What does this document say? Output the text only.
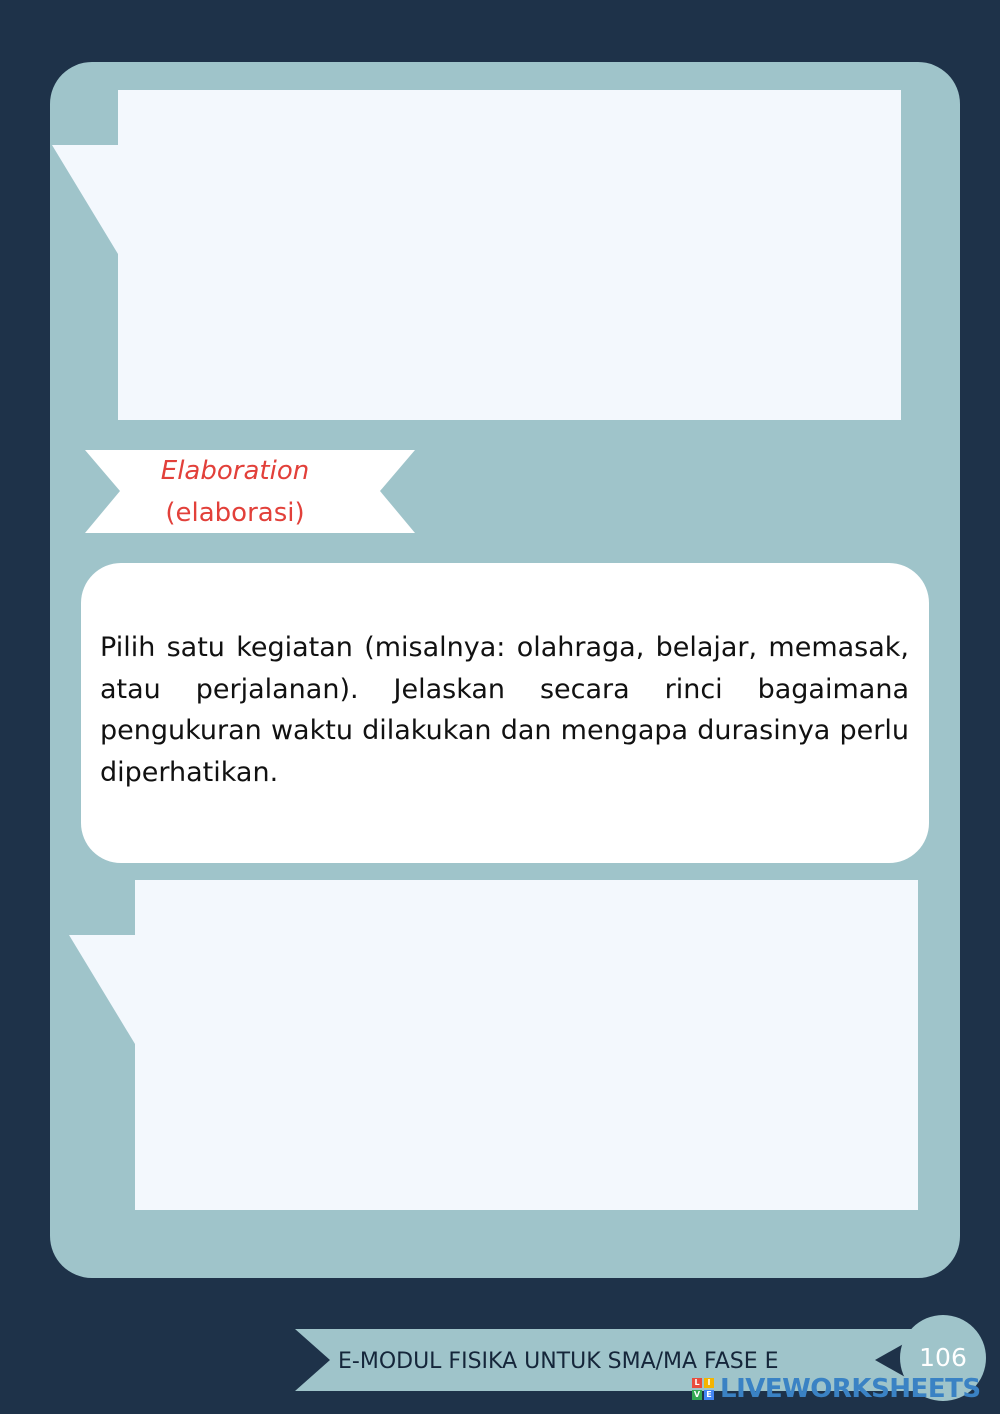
Elaboration
(elaborasi)

Pilih satu kegiatan (misalnya: olahraga, belajar, memasak, atau perjalanan). Jelaskan secara rinci bagaimana pengukuran waktu dilakukan dan mengapa durasinya perlu diperhatikan.

E-MODUL FISIKA UNTUK SMA/MA FASE E	106
L I
V E LIVEWORKSHEETS
